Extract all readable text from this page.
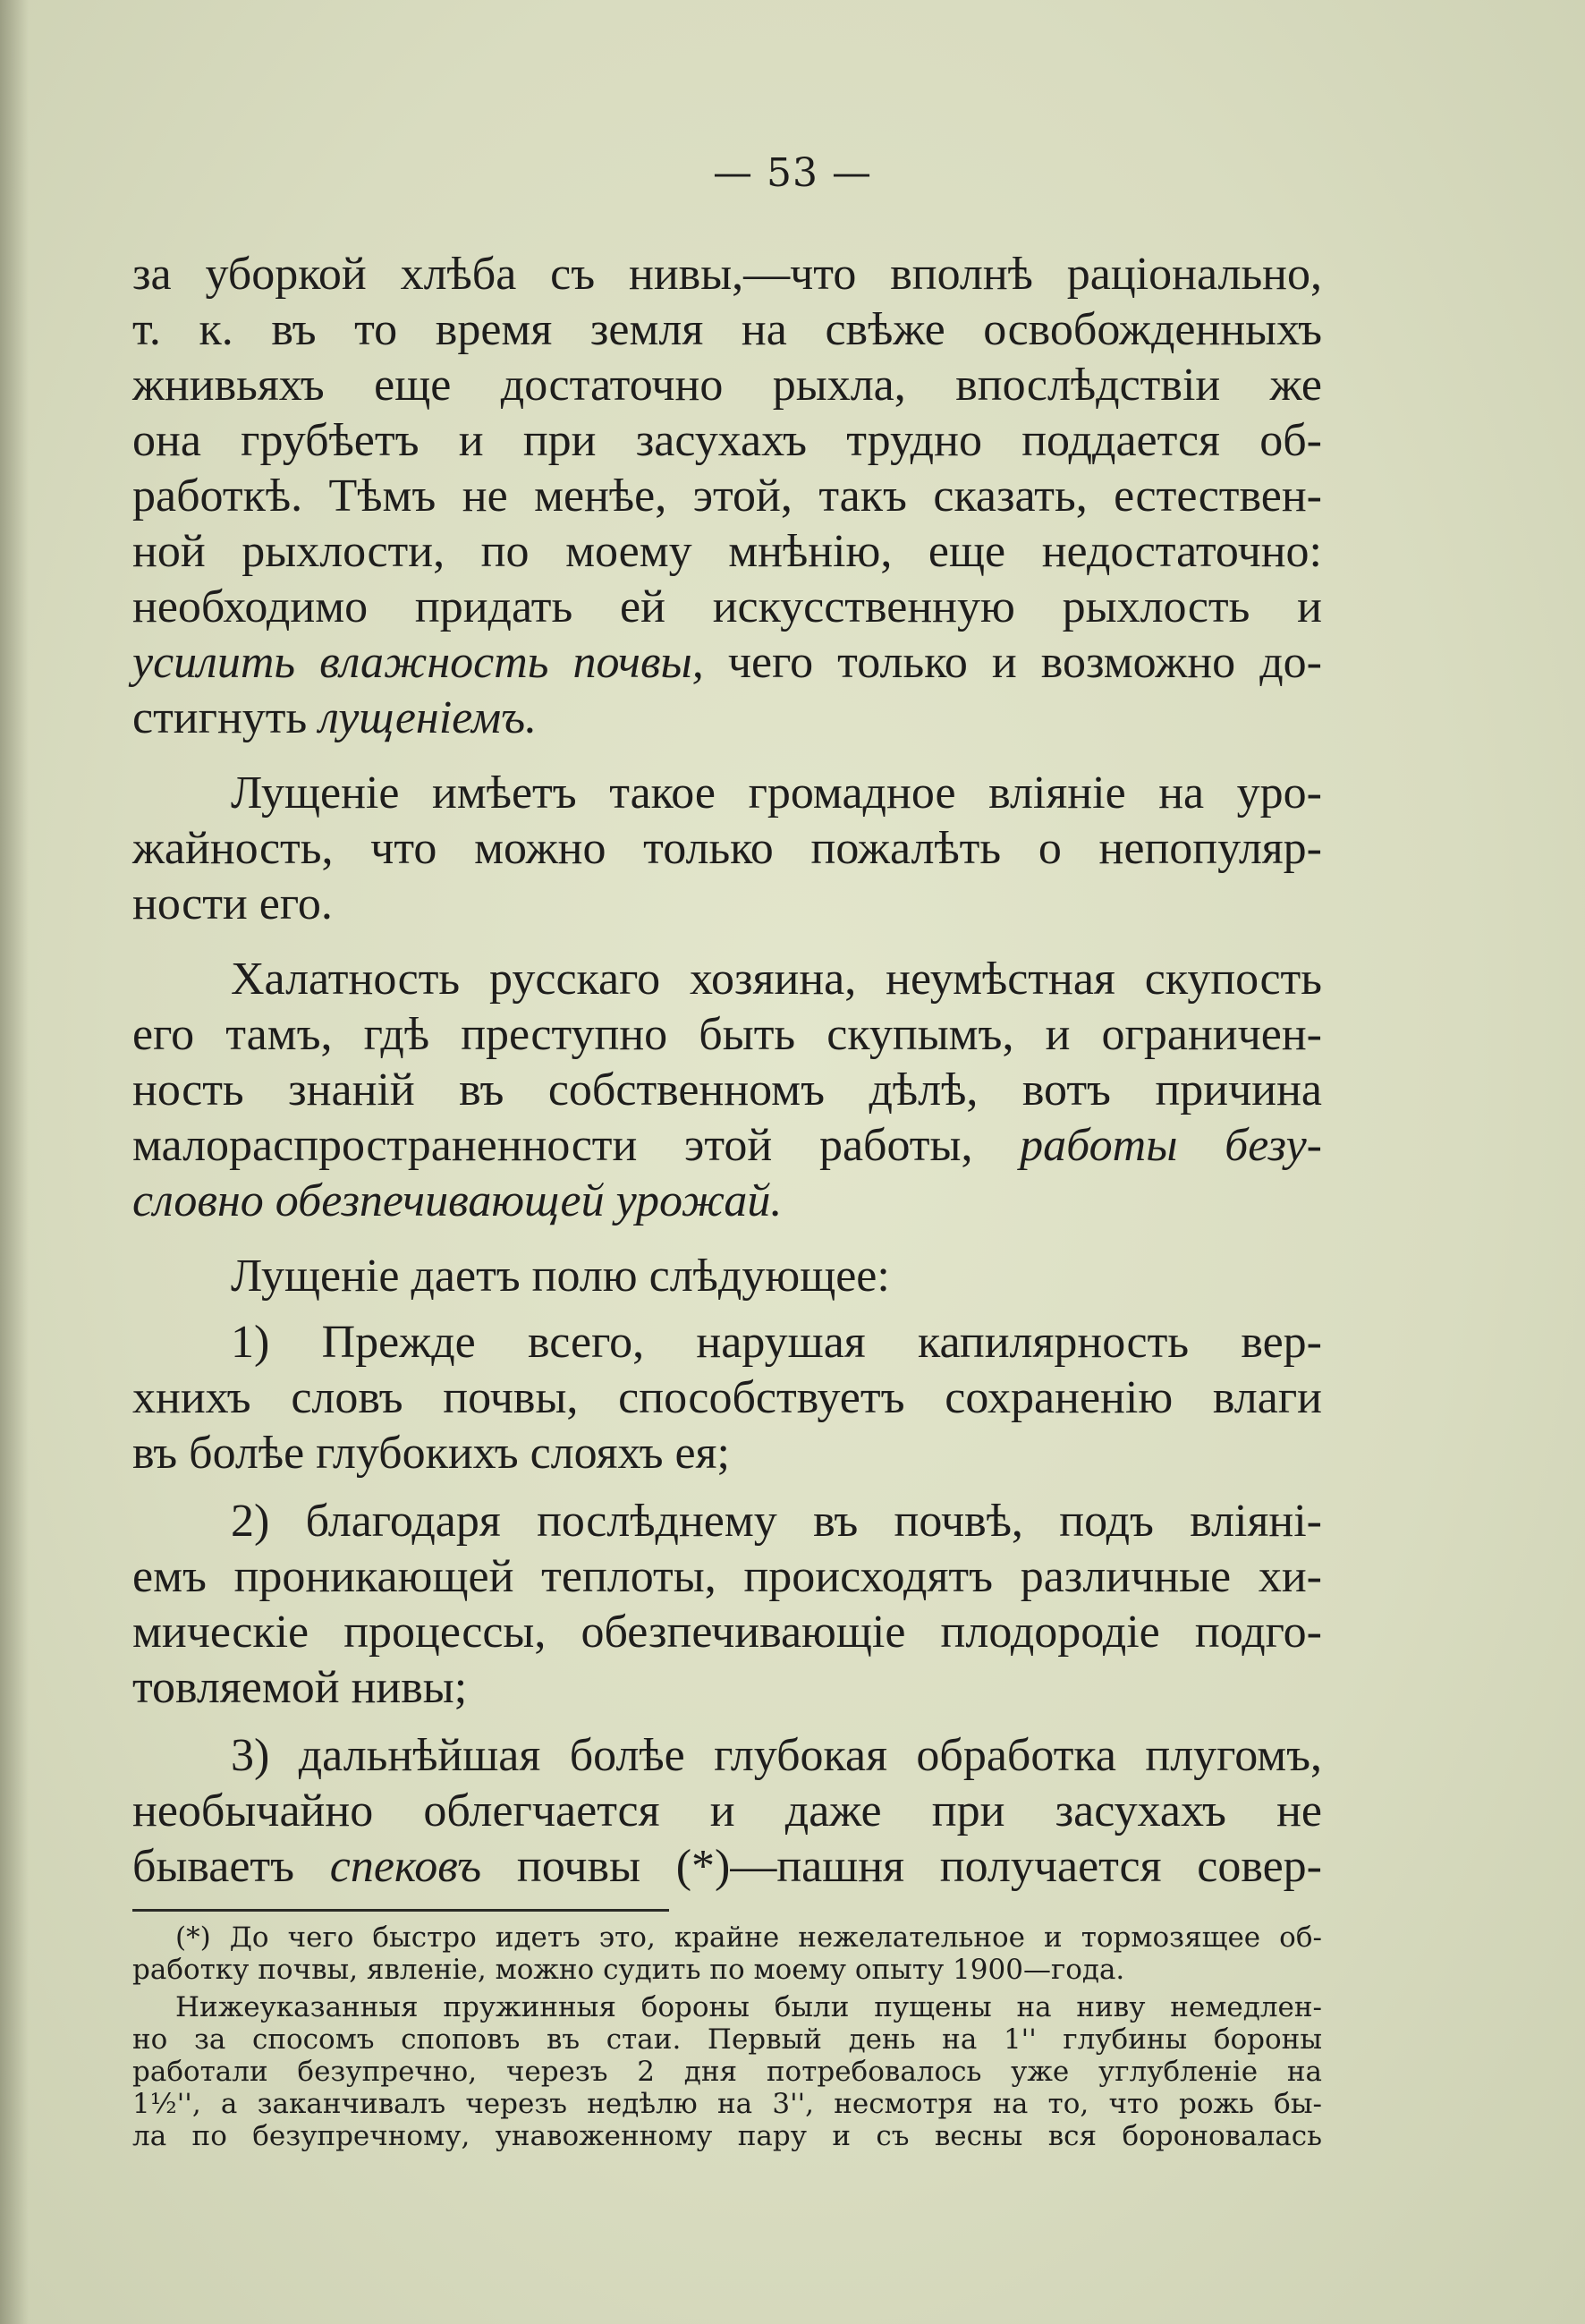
— 53 —
за уборкой хлѣба съ нивы,—что вполнѣ раціонально,
т. к. въ то время земля на свѣже освобожденныхъ
жнивьяхъ еще достаточно рыхла, впослѣдствіи же
она грубѣетъ и при засухахъ трудно поддается об-
работкѣ. Тѣмъ не менѣе, этой, такъ сказать, естествен-
ной рыхлости, по моему мнѣнію, еще недостаточно:
необходимо придать ей искусственную рыхлость и
усилить влажность почвы, чего только и возможно до-
стигнуть лущеніемъ.
Лущеніе имѣетъ такое громадное вліяніе на уро-
жайность, что можно только пожалѣть о непопуляр-
ности его.
Халатность русскаго хозяина, неумѣстная скупость
его тамъ, гдѣ преступно быть скупымъ, и ограничен-
ность знаній въ собственномъ дѣлѣ, вотъ причина
малораспространенности этой работы, работы безу-
словно обезпечивающей урожай.
Лущеніе даетъ полю слѣдующее:
1) Прежде всего, нарушая капилярность вер-
хнихъ словъ почвы, способствуетъ сохраненію влаги
въ болѣе глубокихъ слояхъ ея;
2) благодаря послѣднему въ почвѣ, подъ вліяні-
емъ проникающей теплоты, происходятъ различные хи-
мическіе процессы, обезпечивающіе плодородіе подго-
товляемой нивы;
3) дальнѣйшая болѣе глубокая обработка плугомъ,
необычайно облегчается и даже при засухахъ не
бываетъ спековъ почвы (*)—пашня получается совер-
(*) До чего быстро идетъ это, крайне нежелательное и тормозящее об-
работку почвы, явленіе, можно судить по моему опыту 1900—года.
Нижеуказанныя пружинныя бороны были пущены на ниву немедлен-
но за спосомъ споповъ въ стаи. Первый день на 1'' глубины бороны
работали безупречно, черезъ 2 дня потребовалось уже углубленіе на
1½'', а заканчивалъ черезъ недѣлю на 3'', несмотря на то, что рожь бы-
ла по безупречному, унавоженному пару и съ весны вся бороновалась
